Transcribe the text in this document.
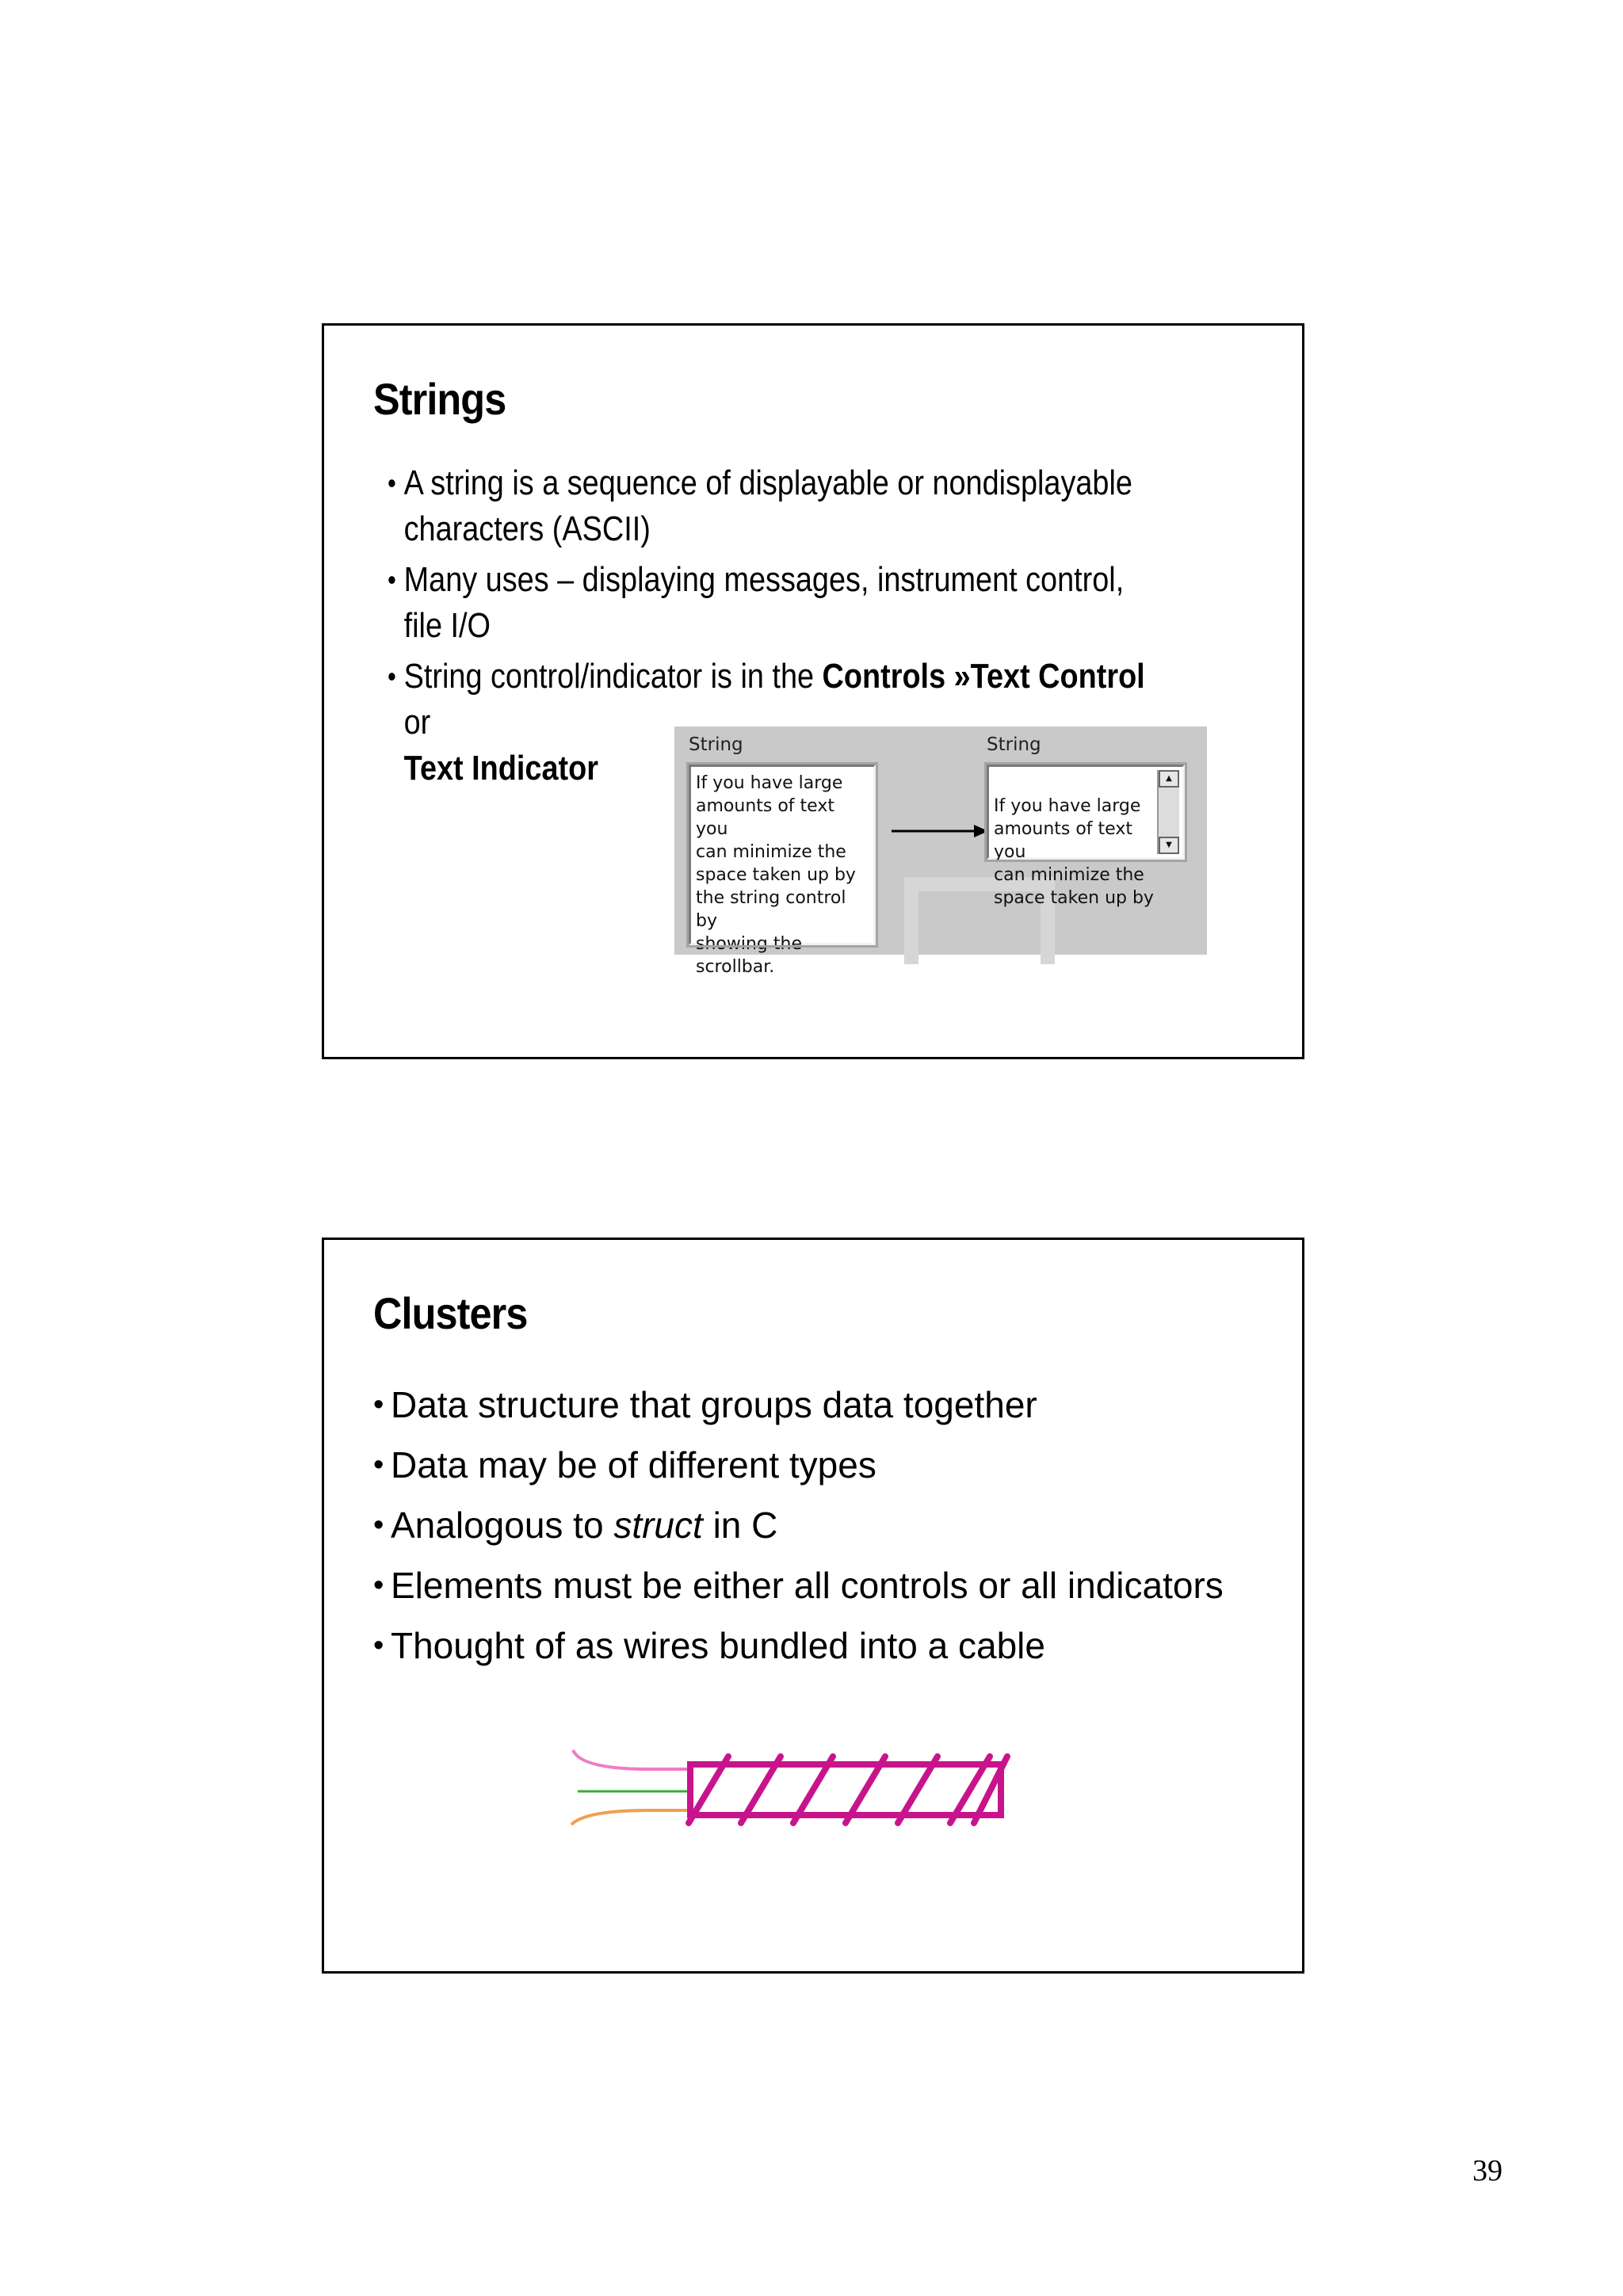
Strings
• A string is a sequence of displayable or nondisplayable characters (ASCII)
• Many uses – displaying messages, instrument control, file I/O
• String control/indicator is in the Controls »Text Control or
Text Indicator
String
If you have large
amounts of text you
can minimize the
space taken up by
the string control by
showing the
scrollbar.
String

If you have large
amounts of text you
can minimize the
space taken up by

▲

▼

Clusters
• Data structure that groups data together
• Data may be of different types
• Analogous to struct in C
• Elements must be either all controls or all indicators
• Thought of as wires bundled into a cable
39
